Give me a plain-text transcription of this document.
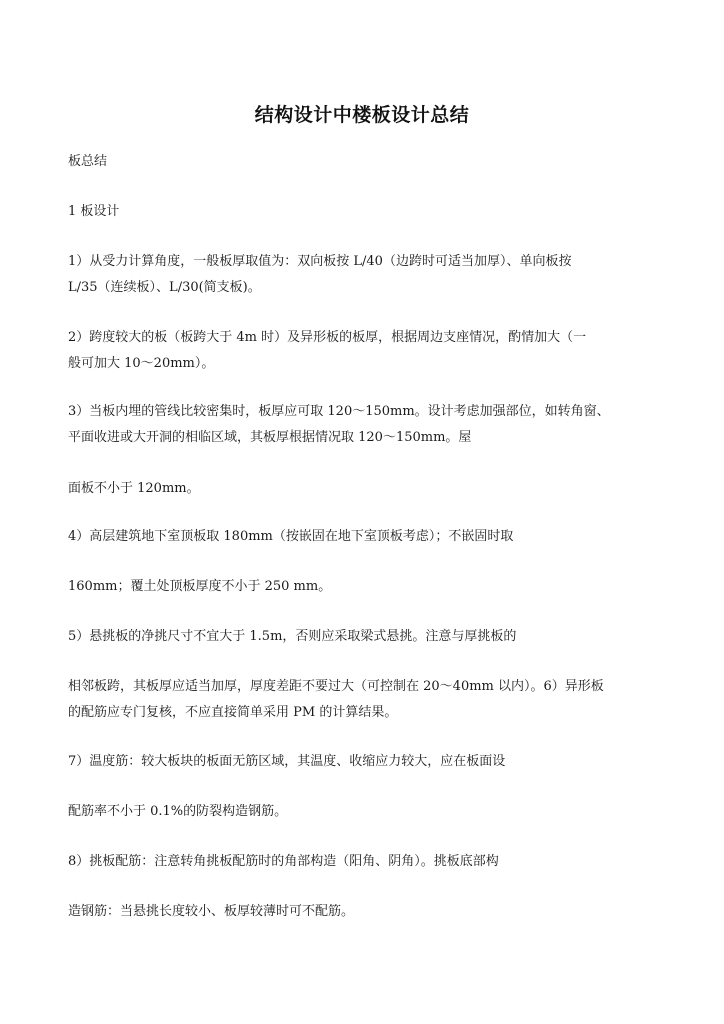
结构设计中楼板设计总结

板总结

1 板设计

1）从受力计算角度，一般板厚取值为：双向板按 L/40（边跨时可适当加厚）、单向板按

L/35（连续板）、L/30(简支板)。

2）跨度较大的板（板跨大于 4m 时）及异形板的板厚，根据周边支座情况，酌情加大（一

般可加大 10～20mm）。

3）当板内埋的管线比较密集时，板厚应可取 120～150mm。设计考虑加强部位，如转角窗、

平面收进或大开洞的相临区域，其板厚根据情况取 120～150mm。屋

面板不小于 120mm。

4）高层建筑地下室顶板取 180mm（按嵌固在地下室顶板考虑）；不嵌固时取

160mm；覆土处顶板厚度不小于 250 mm。

5）悬挑板的净挑尺寸不宜大于 1.5m，否则应采取梁式悬挑。注意与厚挑板的

相邻板跨，其板厚应适当加厚，厚度差距不要过大（可控制在 20～40mm 以内）。6）异形板

的配筋应专门复核，不应直接简单采用 PM 的计算结果。

7）温度筋：较大板块的板面无筋区域，其温度、收缩应力较大，应在板面设

配筋率不小于 0.1%的防裂构造钢筋。

8）挑板配筋：注意转角挑板配筋时的角部构造（阳角、阴角）。挑板底部构

造钢筋：当悬挑长度较小、板厚较薄时可不配筋。
